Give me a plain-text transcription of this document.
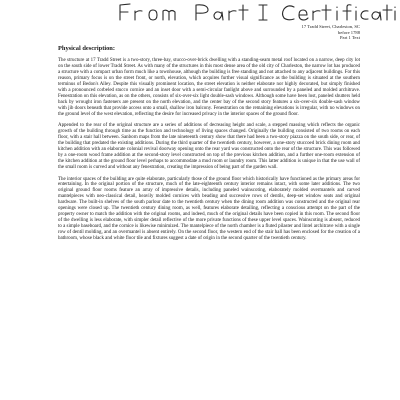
17 Tradd Street, Charleston, SC
before 1788
Part 1 Text
Physical description:

The structure at 17 Tradd Street is a two-story, three-bay, stucco-over-brick dwelling with a standing-seam metal roof located on a narrow, deep city lot on the south side of lower Tradd Street. As with many of the structures in this most dense area of the old city of Charleston, the narrow lot has produced a structure with a compact urban form much like a townhouse, although the building is free standing and not attached to any adjacent buildings. For this reason, primary focus is on the street front, or north, elevation, which acquires further visual significance as the building is situated at the southern terminus of Bedon's Alley. Despite this visually prominent location, the street elevation is neither elaborate nor highly decorated, but simply finished with a pronounced corbeled stucco cornice and an inset door with a semi-circular fanlight above and surrounded by a paneled and molded architrave. Fenestration on this elevation, as on the others, consists of six-over-six light double-sash windows. Although some have been lost, paneled shutters held back by wrought iron fasteners are present on the north elevation, and the center bay of the second story features a six-over-six double-sash window with jib doors beneath that provide access onto a small, shallow iron balcony. Fenestration on the remaining elevations is irregular, with no windows on the ground level of the west elevation, reflecting the desire for increased privacy in the interior spaces of the ground floor.

Appended to the rear of the original structure are a series of additions of decreasing height and scale, a stepped massing which reflects the organic growth of the building through time as the function and technology of living spaces changed. Originally the building consisted of two rooms on each floor, with a stair hall between. Sanborn maps from the late nineteenth century show that there had been a two-story piazza on the south side, or rear, of the building that predated the existing additions. During the third quarter of the twentieth century, however, a one-story stuccoed brick dining room and kitchen addition with an elaborate colonial revival doorway opening onto the rear yard was constructed onto the rear of the structure. This was followed by a one-room wood frame addition at the second-story level constructed on top of the previous kitchen addition, and a further one-room extension of the kitchen addition at the ground floor level perhaps to accommodate a mud room or laundry room. This latter addition is unique in that the use wall of the small room is curved and without any fenestration, creating the impression of being part of the garden wall.

The interior spaces of the building are quite elaborate, particularly those of the ground floor which historically have functioned as the primary areas for entertaining. In the original portion of the structure, much of the late-eighteenth century interior remains intact, with some later additions. The two original ground floor rooms feature an array of impressive details, including paneled wainscoting, elaborately molded overmantels and carved mantelpieces with neo-classical detail, heavily molded cornices with beading and successive rows of dentils, deep-set window seats and original hardware. The built-in shelves of the south parlour date to the twentieth century when the dining room addition was constructed and the original rear openings were closed up. The twentieth century dining room, as well, features elaborate detailing, reflecting a conscious attempt on the part of the property owner to match the addition with the original rooms, and indeed, much of the original details have been copied in this room. The second floor of the dwelling is less elaborate, with simpler detail reflective of the more private functions of these upper level spaces. Wainscoting is absent, reduced to a simple baseboard, and the cornice is likewise minimized. The mantelpiece of the north chamber is a fluted pilaster and lintel architrave with a single row of dentil molding, and an overmantel is absent entirely. On the second floor, the western end of the stair hall has been enclosed for the creation of a bathroom, whose black and white floor tile and fixtures suggest a date of origin in the second quarter of the twentieth century.
